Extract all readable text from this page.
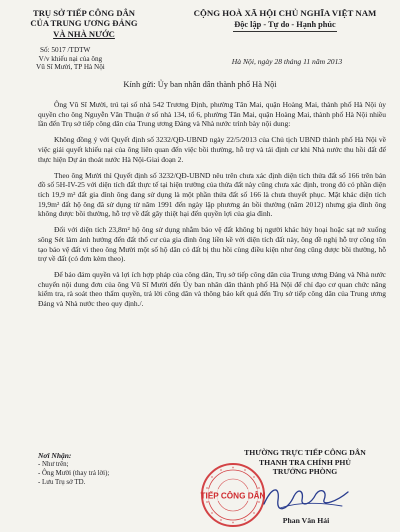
TRỤ SỞ TIẾP CÔNG DÂN
CỦA TRUNG ƯƠNG ĐẢNG
VÀ NHÀ NƯỚC
CỘNG HOÀ XÃ HỘI CHỦ NGHĨA VIỆT NAM
Độc lập - Tự do - Hạnh phúc
Số: 5017 /TDTW
V/v khiếu nại của ông
Vũ Sĩ Mười, TP Hà Nội
Hà Nội, ngày 28 tháng 11 năm 2013
Kính gửi: Ủy ban nhân dân thành phố Hà Nội

Ông Vũ Sĩ Mười, trú tại số nhà 542 Trương Định, phường Tân Mai, quận Hoàng Mai, thành phố Hà Nội ủy quyền cho ông Nguyễn Văn Thuận ở số nhà 134, tổ 6, phường Tân Mai, quận Hoàng Mai, thành phố Hà Nội nhiều lần đến Trụ sở tiếp công dân của Trung ương Đảng và Nhà nước trình bày nội dung:

Không đồng ý với Quyết định số 3232/QĐ-UBND ngày 22/5/2013 của Chủ tịch UBND thành phố Hà Nội về việc giải quyết khiếu nại của ông liên quan đến việc bồi thường, hỗ trợ và tái định cư khi Nhà nước thu hồi đất để thực hiện Dự án thoát nước Hà Nội-Giai đoạn 2.

Theo ông Mười thì Quyết định số 3232/QĐ-UBND nêu trên chưa xác định diện tích thửa đất số 166 trên bản đồ số 5H-IV-25 với diện tích đất thực tế tại hiện trường của thửa đất này cũng chưa xác định, trong đó có phần diện tích 19,9 m² đất gia đình ông đang sử dụng là một phần thửa đất số 166 là chưa thuyết phục. Mặt khác diện tích 19,9m² đất hộ ông đã sử dụng từ năm 1991 đến ngày lập phương án bồi thường (năm 2012) nhưng gia đình ông không được bồi thường, hỗ trợ về đất gây thiệt hại đến quyền lợi của gia đình.

Đối với diện tích 23,8m² hộ ông sử dụng nhằm bảo vệ đất không bị người khác hủy hoại hoặc sạt nở xuống sông Sét làm ảnh hưởng đến đất thổ cư của gia đình ông liền kề với diện tích đất này, ông đề nghị hỗ trợ công tôn tạo bảo vệ đất vì theo ông Mười một số hộ dân có đất bị thu hồi cùng điều kiện như ông cũng được bồi thường, hỗ trợ về đất (có đơn kèm theo).

Để bảo đảm quyền và lợi ích hợp pháp của công dân, Trụ sở tiếp công dân của Trung ương Đảng và Nhà nước chuyển nội dung đơn của ông Vũ Sĩ Mười đến Ủy ban nhân dân thành phố Hà Nội để chỉ đạo cơ quan chức năng kiểm tra, rà soát theo thẩm quyền, trả lời công dân và thông báo kết quả đến Trụ sở tiếp công dân của Trung ương Đảng và Nhà nước theo quy định./.

Nơi Nhận:
- Như trên;
- Ông Mười (thay trả lời);
- Lưu Trụ sở TD.
THƯỜNG TRỰC TIẾP CÔNG DÂN
THANH TRA CHÍNH PHỦ
TRƯỞNG PHÒNG
TIẾP CÔNG DÂN
Phan Văn Hải
